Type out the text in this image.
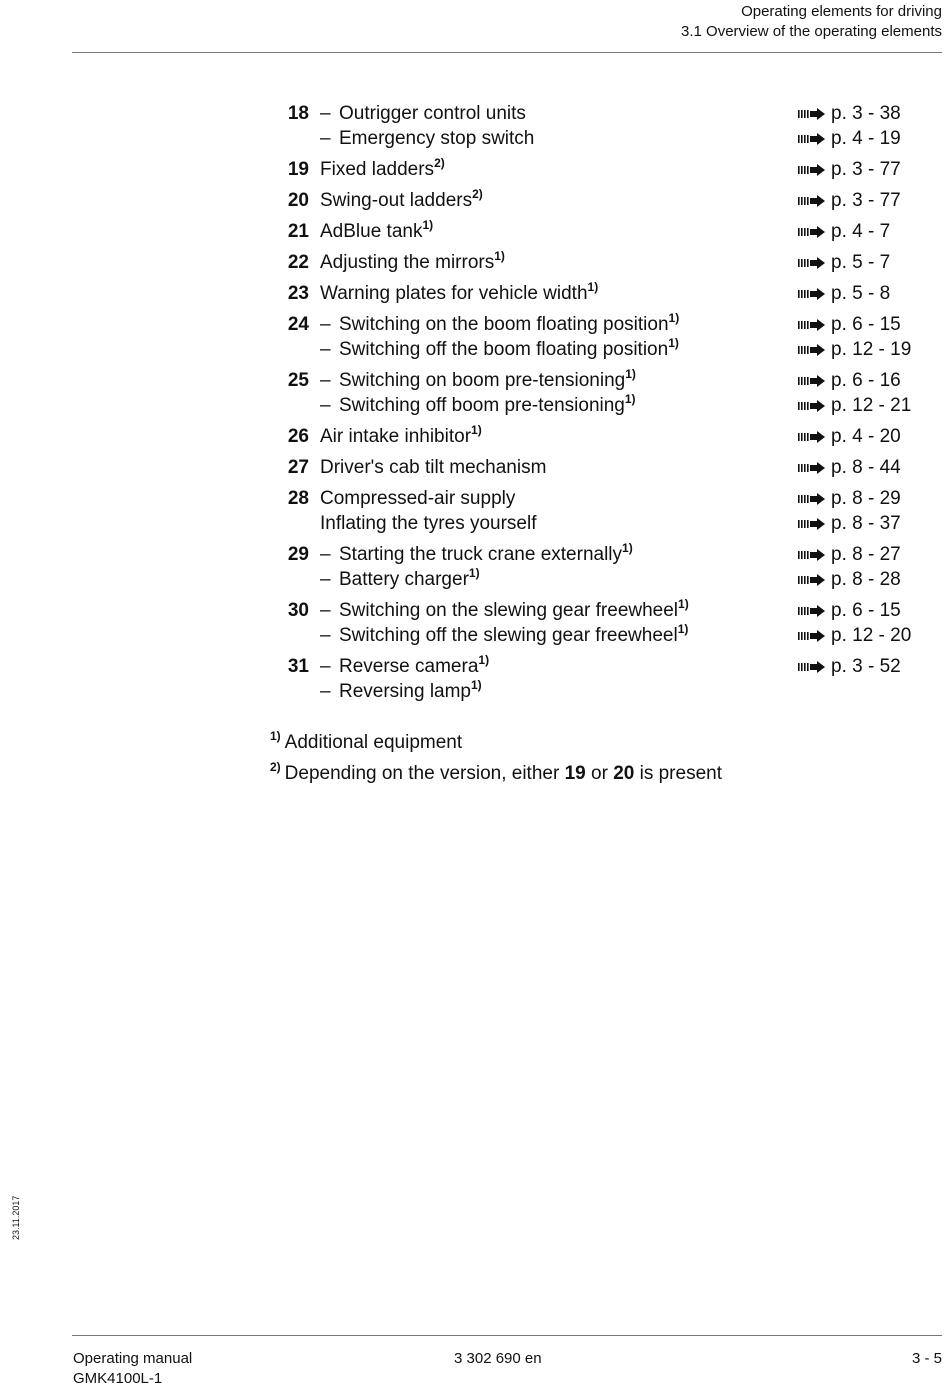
Operating elements for driving
3.1 Overview of the operating elements
18 – Outrigger control units	p. 3 - 38
– Emergency stop switch	p. 4 - 19
19 Fixed ladders$^{2)}$	p. 3 - 77
20 Swing-out ladders$^{2)}$	p. 3 - 77
21 AdBlue tank$^{1)}$	p. 4 - 7
22 Adjusting the mirrors$^{1)}$	p. 5 - 7
23 Warning plates for vehicle width$^{1)}$	p. 5 - 8
24 – Switching on the boom floating position$^{1)}$	p. 6 - 15
– Switching off the boom floating position$^{1)}$	p. 12 - 19
25 – Switching on boom pre-tensioning$^{1)}$	p. 6 - 16
– Switching off boom pre-tensioning$^{1)}$	p. 12 - 21
26 Air intake inhibitor$^{1)}$	p. 4 - 20
27 Driver's cab tilt mechanism	p. 8 - 44
28 Compressed-air supply	p. 8 - 29
Inflating the tyres yourself	p. 8 - 37
29 – Starting the truck crane externally$^{1)}$	p. 8 - 27
– Battery charger$^{1)}$	p. 8 - 28
30 – Switching on the slewing gear freewheel$^{1)}$	p. 6 - 15
– Switching off the slewing gear freewheel$^{1)}$	p. 12 - 20
31 – Reverse camera$^{1)}$	p. 3 - 52
– Reversing lamp$^{1)}$
$^{1)}$ Additional equipment
$^{2)}$ Depending on the version, either 19 or 20 is present
23.11.2017
Operating manual
GMK4100L-1
3 302 690 en	3 - 5
